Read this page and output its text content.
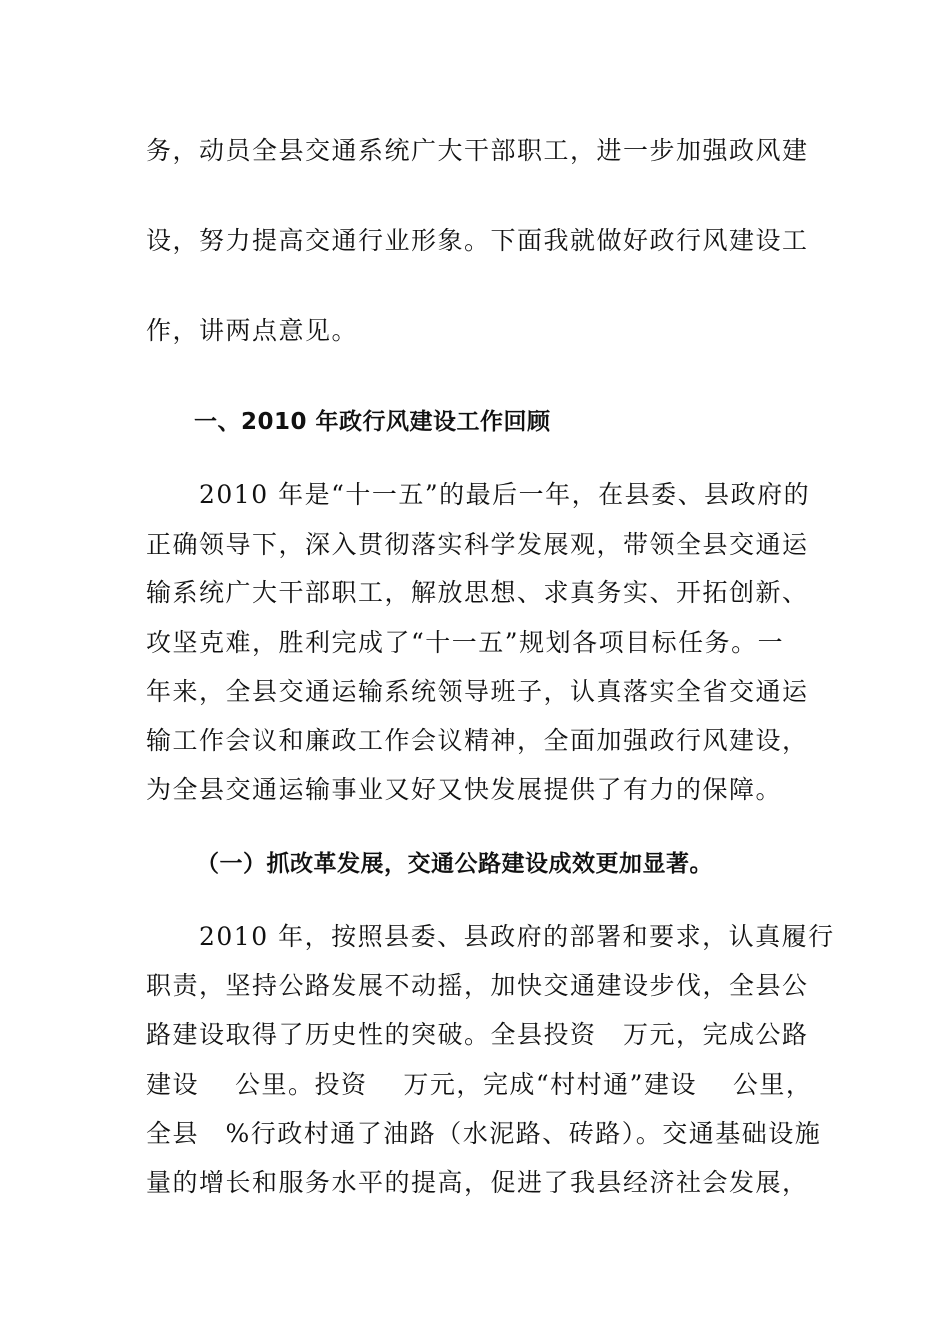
务，动员全县交通系统广大干部职工，进一步加强政风建

设，努力提高交通行业形象。下面我就做好政行风建设工

作，讲两点意见。

一、2010 年政行风建设工作回顾

　　2010 年是“十一五”的最后一年，在县委、县政府的

正确领导下，深入贯彻落实科学发展观，带领全县交通运

输系统广大干部职工，解放思想、求真务实、开拓创新、

攻坚克难，胜利完成了“十一五”规划各项目标任务。一

年来，全县交通运输系统领导班子，认真落实全省交通运

输工作会议和廉政工作会议精神，全面加强政行风建设，

为全县交通运输事业又好又快发展提供了有力的保障。

（一）抓改革发展，交通公路建设成效更加显著。

　　2010 年，按照县委、县政府的部署和要求，认真履行

职责，坚持公路发展不动摇，加快交通建设步伐，全县公

路建设取得了历史性的突破。全县投资　万元，完成公路

建设　 公里。投资　 万元，完成“村村通”建设　 公里，

全县　%行政村通了油路（水泥路、砖路）。交通基础设施

量的增长和服务水平的提高，促进了我县经济社会发展，
